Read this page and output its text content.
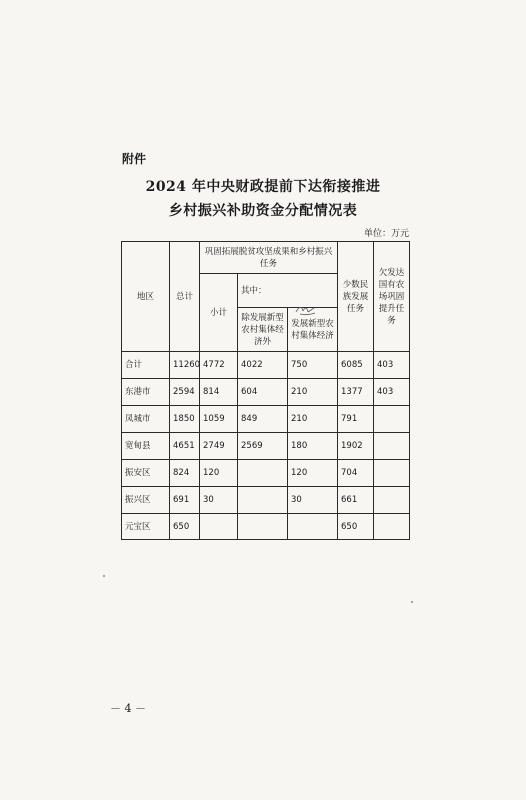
附件
2024 年中央财政提前下达衔接推进
乡村振兴补助资金分配情况表
单位：万元
地区	总计	巩固拓展脱贫攻坚成果和乡村振兴任务			少数民族发展任务	欠发达国有农场巩固提升任务
		小计	其中：			
			除发展新型农村集体经济外	发展新型农村集体经济		
合计	11260	4772	4022	750	6085	403
东港市	2594	814	604	210	1377	403
凤城市	1850	1059	849	210	791	
宽甸县	4651	2749	2569	180	1902	
振安区	824	120		120	704	
振兴区	691	30		30	661	
元宝区	650				650	
－ 4 －
